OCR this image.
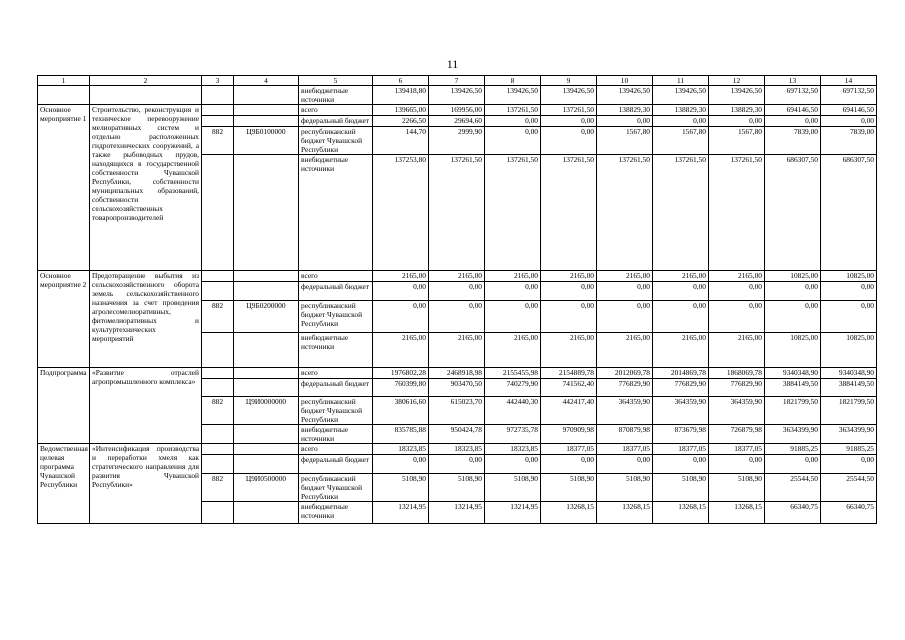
11
1	2	3	4	5	6	7	8	9	10	11	12	13	14
				внебюджетные источники	139418,80	139426,50	139426,50	139426,50	139426,50	139426,50	139426,50	697132,50	697132,50
Основное мероприятие 1	Строительство, реконструкция и техническое перевооружение мелиоративных систем и отдельно расположенных гидротехнических сооружений, а также рыбоводных прудов, находящихся в государственной собственности Чувашской Республики, собственности муниципальных образований, собственности сельскохозяйственных товаропроизводителей			всего	139665,00	169956,00	137261,50	137261,50	138829,30	138829,30	138829,30	694146,50	694146,50
				федеральный бюджет	2266,50	29694,60	0,00	0,00	0,00	0,00	0,00	0,00	0,00
		882	Ц9Б0100000	республиканский бюджет Чувашской Республики	144,70	2999,90	0,00	0,00	1567,80	1567,80	1567,80	7839,00	7839,00
				внебюджетные источники	137253,80	137261,50	137261,50	137261,50	137261,50	137261,50	137261,50	686307,50	686307,50
Основное мероприятие 2	Предотвращение выбытия из сельскохозяйственного оборота земель сельскохозяйственного назначения за счет проведения агролесомелиоративных, фитомелиоративных и культуртехнических мероприятий			всего	2165,00	2165,00	2165,00	2165,00	2165,00	2165,00	2165,00	10825,00	10825,00
				федеральный бюджет	0,00	0,00	0,00	0,00	0,00	0,00	0,00	0,00	0,00
		882	Ц9Б0200000	республиканский бюджет Чувашской Республики	0,00	0,00	0,00	0,00	0,00	0,00	0,00	0,00	0,00
				внебюджетные источники	2165,00	2165,00	2165,00	2165,00	2165,00	2165,00	2165,00	10825,00	10825,00
Подпрограмма	«Развитие отраслей агропромышленного комплекса»			всего	1976802,28	2468918,98	2155455,98	2154889,78	2012069,78	2014869,78	1868069,78	9340348,90	9340348,90
				федеральный бюджет	760399,80	903470,50	740279,90	741562,40	776829,90	776829,90	776829,90	3884149,50	3884149,50
		882	Ц9И0000000	республиканский бюджет Чувашской Республики	380616,60	615023,70	442440,30	442417,40	364359,90	364359,90	364359,90	1821799,50	1821799,50
				внебюджетные источники	835785,88	950424,78	972735,78	970909,98	870879,98	873679,98	726879,98	3634399,90	3634399,90
Ведомственная целевая программа Чувашской Республики	«Интенсификация производства и переработки хмеля как стратегического направления для развития Чувашской Республики»			всего	18323,85	18323,85	18323,85	18377,05	18377,05	18377,05	18377,05	91885,25	91885,25
				федеральный бюджет	0,00	0,00	0,00	0,00	0,00	0,00	0,00	0,00	0,00
		882	Ц9И0500000	республиканский бюджет Чувашской Республики	5108,90	5108,90	5108,90	5108,90	5108,90	5108,90	5108,90	25544,50	25544,50
				внебюджетные источники	13214,95	13214,95	13214,95	13268,15	13268,15	13268,15	13268,15	66340,75	66340,75
